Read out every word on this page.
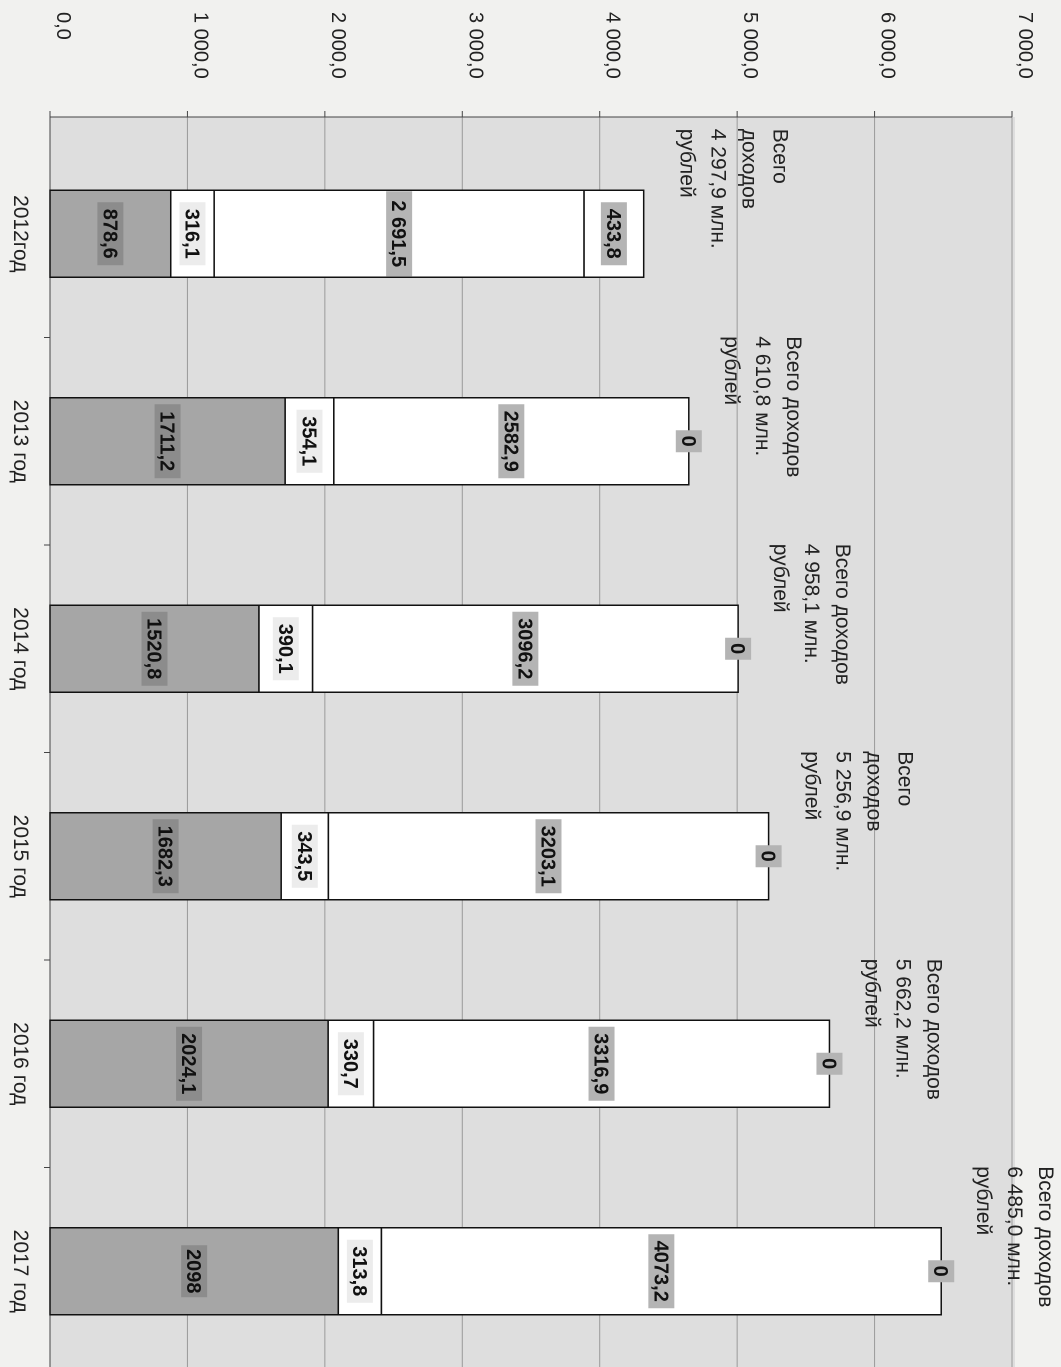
0,0	1 000,0	2 000,0	3 000,0	4 000,0	5 000,0	6 000,0	7 000,0
878,6	316,1	2 691,5	433,8
1711,2	354,1	2582,9	0
1520,8	390,1	3096,2	0
1682,3	343,5	3203,1	0
2024,1	330,7	3316,9	0
2098	313,8	4073,2	0
Всего
доходов
4 297,9 млн.
рублей
Всего доходов
4 610,8 млн.
рублей
Всего доходов
4 958,1 млн.
рублей
Всего
доходов
5 256,9 млн.
рублей
Всего доходов
5 662,2 млн.
рублей
Всего доходов
6 485,0 млн.
рублей
2012год
2013 год
2014 год
2015 год
2016 год
2017 год
